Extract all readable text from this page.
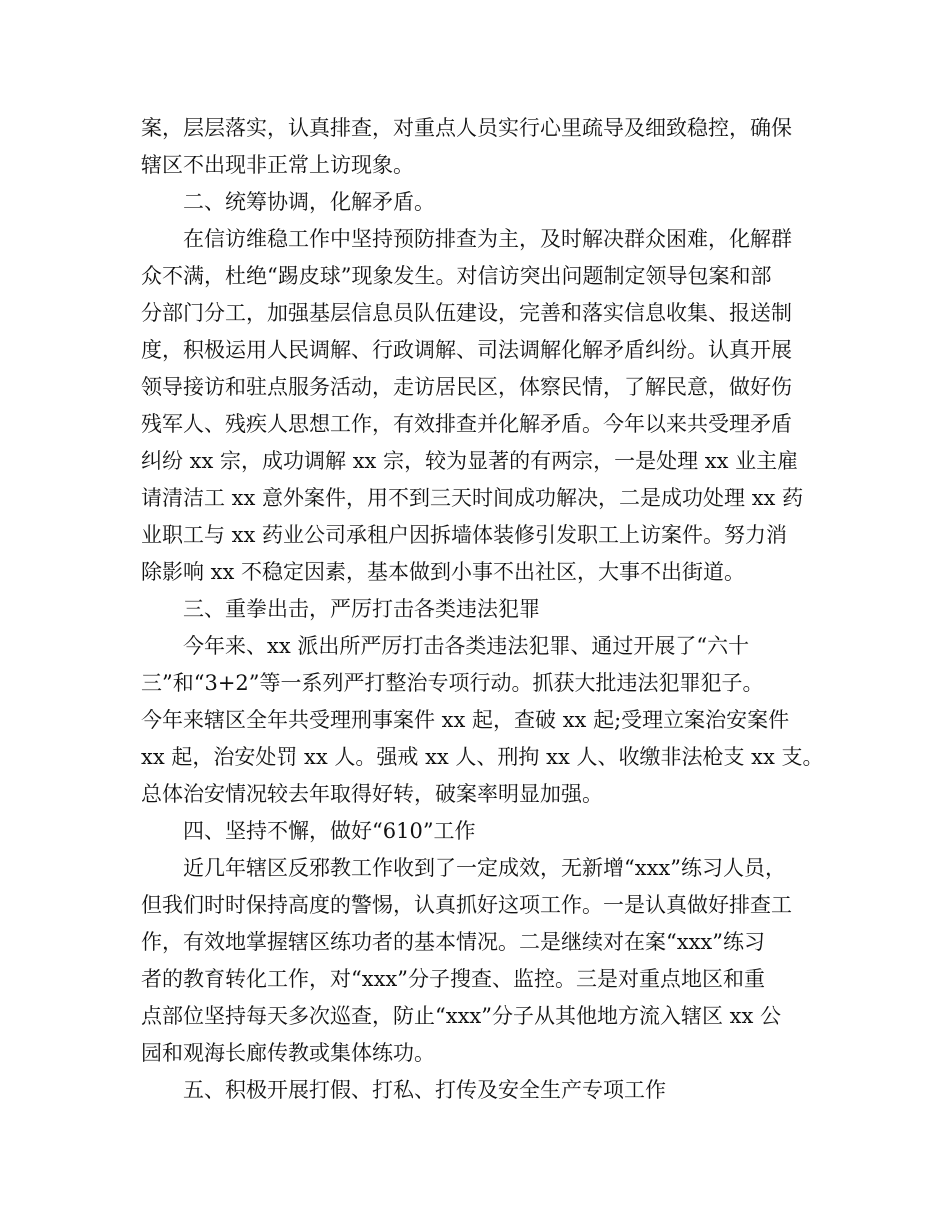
案，层层落实，认真排查，对重点人员实行心里疏导及细致稳控，确保

辖区不出现非正常上访现象。

二、统筹协调，化解矛盾。

在信访维稳工作中坚持预防排查为主，及时解决群众困难，化解群

众不满，杜绝“踢皮球”现象发生。对信访突出问题制定领导包案和部

分部门分工，加强基层信息员队伍建设，完善和落实信息收集、报送制

度，积极运用人民调解、行政调解、司法调解化解矛盾纠纷。认真开展

领导接访和驻点服务活动，走访居民区，体察民情，了解民意，做好伤

残军人、残疾人思想工作，有效排查并化解矛盾。今年以来共受理矛盾

纠纷 xx 宗，成功调解 xx 宗，较为显著的有两宗，一是处理 xx 业主雇

请清洁工 xx 意外案件，用不到三天时间成功解决，二是成功处理 xx 药

业职工与 xx 药业公司承租户因拆墙体装修引发职工上访案件。努力消

除影响 xx 不稳定因素，基本做到小事不出社区，大事不出街道。

三、重拳出击，严厉打击各类违法犯罪

今年来、xx 派出所严厉打击各类违法犯罪、通过开展了“六十

三”和“3+2”等一系列严打整治专项行动。抓获大批违法犯罪犯子。

今年来辖区全年共受理刑事案件 xx 起，查破 xx 起;受理立案治安案件

xx 起，治安处罚 xx 人。强戒 xx 人、刑拘 xx 人、收缴非法枪支 xx 支。

总体治安情况较去年取得好转，破案率明显加强。

四、坚持不懈，做好“610”工作

近几年辖区反邪教工作收到了一定成效，无新增“xxx”练习人员，

但我们时时保持高度的警惕，认真抓好这项工作。一是认真做好排查工

作，有效地掌握辖区练功者的基本情况。二是继续对在案“xxx”练习

者的教育转化工作，对“xxx”分子搜查、监控。三是对重点地区和重

点部位坚持每天多次巡查，防止“xxx”分子从其他地方流入辖区 xx 公

园和观海长廊传教或集体练功。

五、积极开展打假、打私、打传及安全生产专项工作
